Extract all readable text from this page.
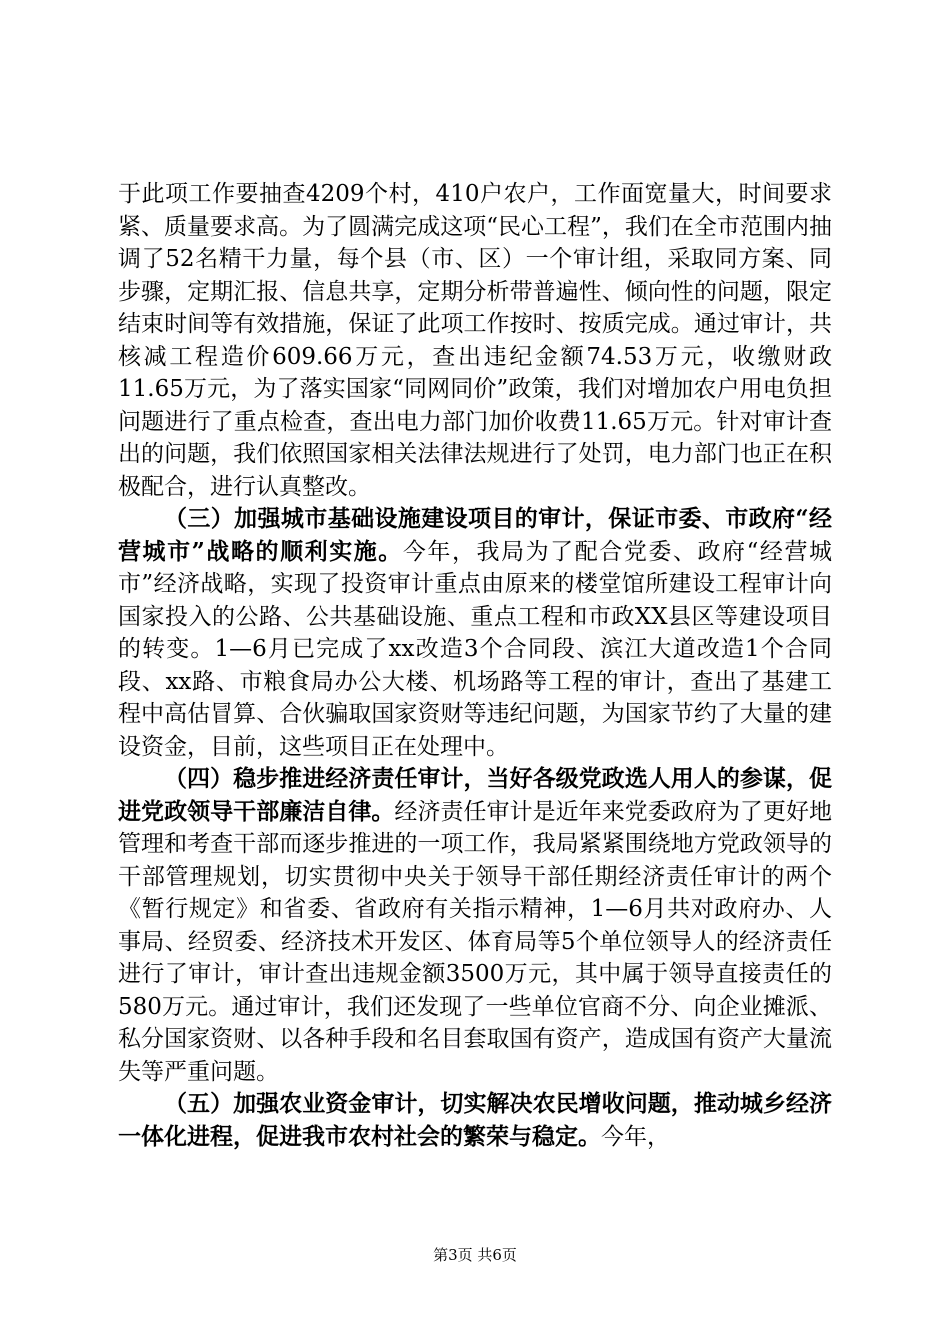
于此项工作要抽查4209个村，410户农户，工作面宽量大，时间要求紧、质量要求高。为了圆满完成这项“民心工程”，我们在全市范围内抽调了52名精干力量，每个县（市、区）一个审计组，采取同方案、同步骤，定期汇报、信息共享，定期分析带普遍性、倾向性的问题，限定结束时间等有效措施，保证了此项工作按时、按质完成。通过审计，共核减工程造价609.66万元，查出违纪金额74.53万元，收缴财政11.65万元，为了落实国家“同网同价”政策，我们对增加农户用电负担问题进行了重点检查，查出电力部门加价收费11.65万元。针对审计查出的问题，我们依照国家相关法律法规进行了处罚，电力部门也正在积极配合，进行认真整改。

（三）加强城市基础设施建设项目的审计，保证市委、市政府“经营城市”战略的顺利实施。今年，我局为了配合党委、政府“经营城市”经济战略，实现了投资审计重点由原来的楼堂馆所建设工程审计向国家投入的公路、公共基础设施、重点工程和市政XX县区等建设项目的转变。1—6月已完成了xx改造3个合同段、滨江大道改造1个合同段、xx路、市粮食局办公大楼、机场路等工程的审计，查出了基建工程中高估冒算、合伙骗取国家资财等违纪问题，为国家节约了大量的建设资金，目前，这些项目正在处理中。

（四）稳步推进经济责任审计，当好各级党政选人用人的参谋，促进党政领导干部廉洁自律。经济责任审计是近年来党委政府为了更好地管理和考查干部而逐步推进的一项工作，我局紧紧围绕地方党政领导的干部管理规划，切实贯彻中央关于领导干部任期经济责任审计的两个《暂行规定》和省委、省政府有关指示精神，1—6月共对政府办、人事局、经贸委、经济技术开发区、体育局等5个单位领导人的经济责任进行了审计，审计查出违规金额3500万元，其中属于领导直接责任的580万元。通过审计，我们还发现了一些单位官商不分、向企业摊派、私分国家资财、以各种手段和名目套取国有资产，造成国有资产大量流失等严重问题。

（五）加强农业资金审计，切实解决农民增收问题，推动城乡经济一体化进程，促进我市农村社会的繁荣与稳定。今年，

第3页 共6页
